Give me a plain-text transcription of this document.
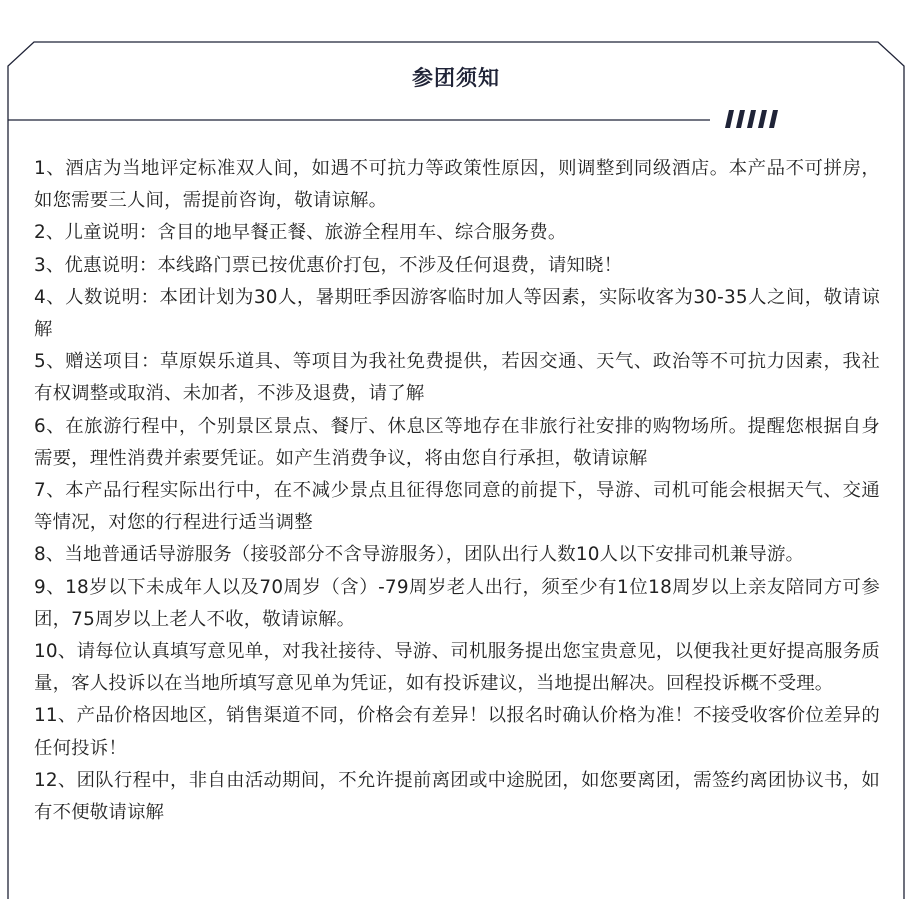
参团须知

1、酒店为当地评定标准双人间，如遇不可抗力等政策性原因，则调整到同级酒店。本产品不可拼房，如您需要三人间，需提前咨询，敬请谅解。

2、儿童说明：含目的地早餐正餐、旅游全程用车、综合服务费。

3、优惠说明：本线路门票已按优惠价打包，不涉及任何退费，请知晓！

4、人数说明：本团计划为30人，暑期旺季因游客临时加人等因素，实际收客为30-35人之间，敬请谅解

5、赠送项目：草原娱乐道具、等项目为我社免费提供，若因交通、天气、政治等不可抗力因素，我社有权调整或取消、未加者，不涉及退费，请了解

6、在旅游行程中，个别景区景点、餐厅、休息区等地存在非旅行社安排的购物场所。提醒您根据自身需要，理性消费并索要凭证。如产生消费争议，将由您自行承担，敬请谅解

7、本产品行程实际出行中，在不减少景点且征得您同意的前提下，导游、司机可能会根据天气、交通等情况，对您的行程进行适当调整

8、当地普通话导游服务（接驳部分不含导游服务），团队出行人数10人以下安排司机兼导游。

9、18岁以下未成年人以及70周岁（含）-79周岁老人出行，须至少有1位18周岁以上亲友陪同方可参团，75周岁以上老人不收，敬请谅解。

10、请每位认真填写意见单，对我社接待、导游、司机服务提出您宝贵意见，以便我社更好提高服务质量，客人投诉以在当地所填写意见单为凭证，如有投诉建议，当地提出解决。回程投诉概不受理。

11、产品价格因地区，销售渠道不同，价格会有差异！以报名时确认价格为准！不接受收客价位差异的任何投诉！

12、团队行程中，非自由活动期间，不允许提前离团或中途脱团，如您要离团，需签约离团协议书，如有不便敬请谅解
